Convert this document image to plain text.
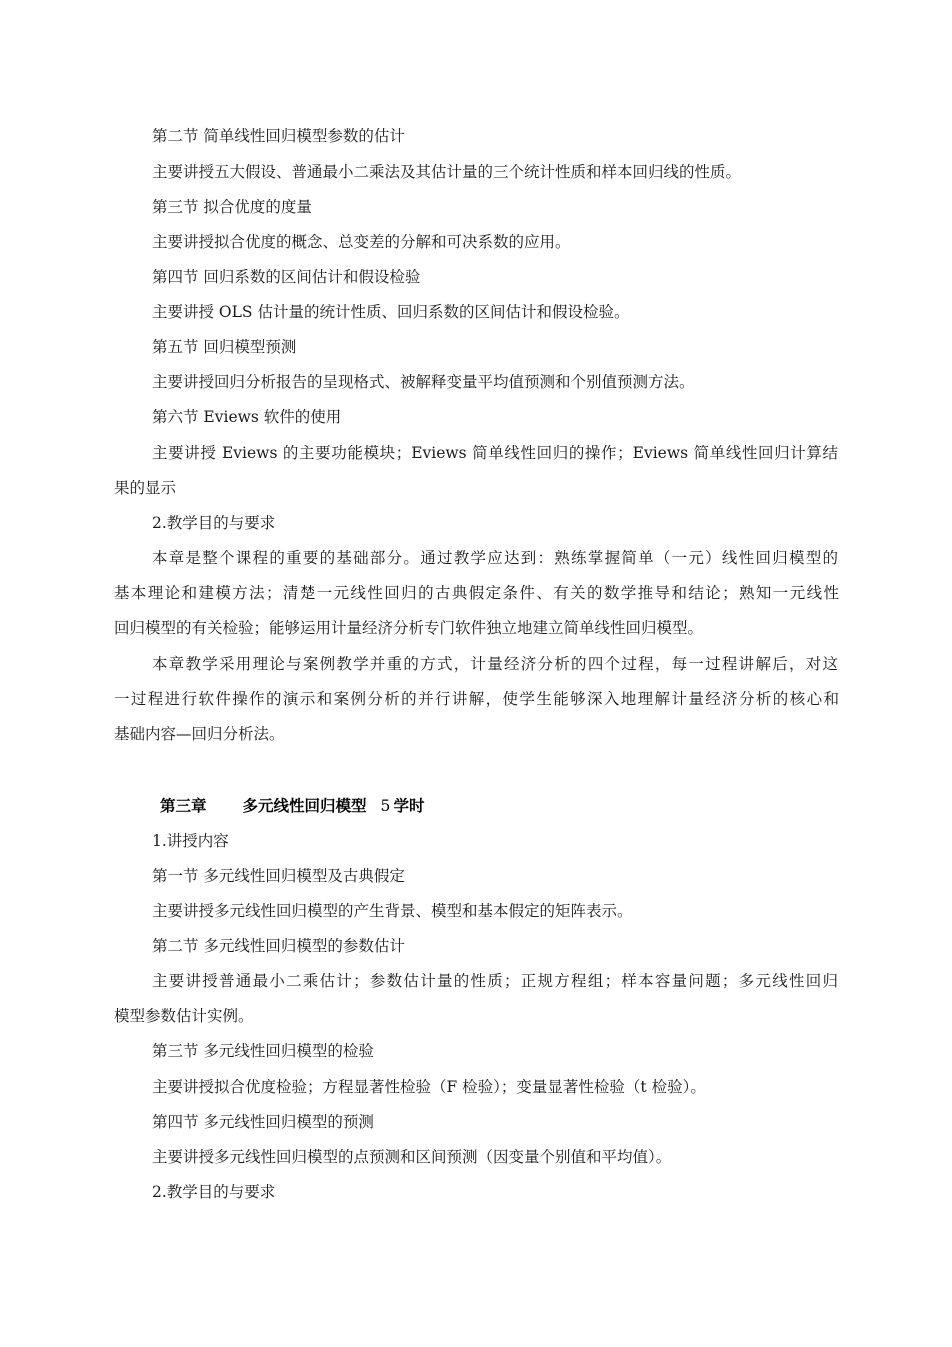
第二节 简单线性回归模型参数的估计
主要讲授五大假设、普通最小二乘法及其估计量的三个统计性质和样本回归线的性质。
第三节 拟合优度的度量
主要讲授拟合优度的概念、总变差的分解和可决系数的应用。
第四节 回归系数的区间估计和假设检验
主要讲授 OLS 估计量的统计性质、回归系数的区间估计和假设检验。
第五节 回归模型预测
主要讲授回归分析报告的呈现格式、被解释变量平均值预测和个别值预测方法。
第六节 Eviews 软件的使用
主要讲授 Eviews 的主要功能模块；Eviews 简单线性回归的操作；Eviews 简单线性回归计算结
果的显示
2.教学目的与要求
本章是整个课程的重要的基础部分。通过教学应达到：熟练掌握简单（一元）线性回归模型的
基本理论和建模方法；清楚一元线性回归的古典假定条件、有关的数学推导和结论；熟知一元线性
回归模型的有关检验；能够运用计量经济分析专门软件独立地建立简单线性回归模型。
本章教学采用理论与案例教学并重的方式，计量经济分析的四个过程，每一过程讲解后，对这
一过程进行软件操作的演示和案例分析的并行讲解，使学生能够深入地理解计量经济分析的核心和
基础内容—回归分析法。
第三章 多元线性回归模型 5  学时
1.讲授内容
第一节 多元线性回归模型及古典假定
主要讲授多元线性回归模型的产生背景、模型和基本假定的矩阵表示。
第二节 多元线性回归模型的参数估计
主要讲授普通最小二乘估计；参数估计量的性质；正规方程组；样本容量问题；多元线性回归
模型参数估计实例。
第三节 多元线性回归模型的检验
主要讲授拟合优度检验；方程显著性检验（F 检验）；变量显著性检验（t 检验）。
第四节 多元线性回归模型的预测
主要讲授多元线性回归模型的点预测和区间预测（因变量个别值和平均值）。
2.教学目的与要求
